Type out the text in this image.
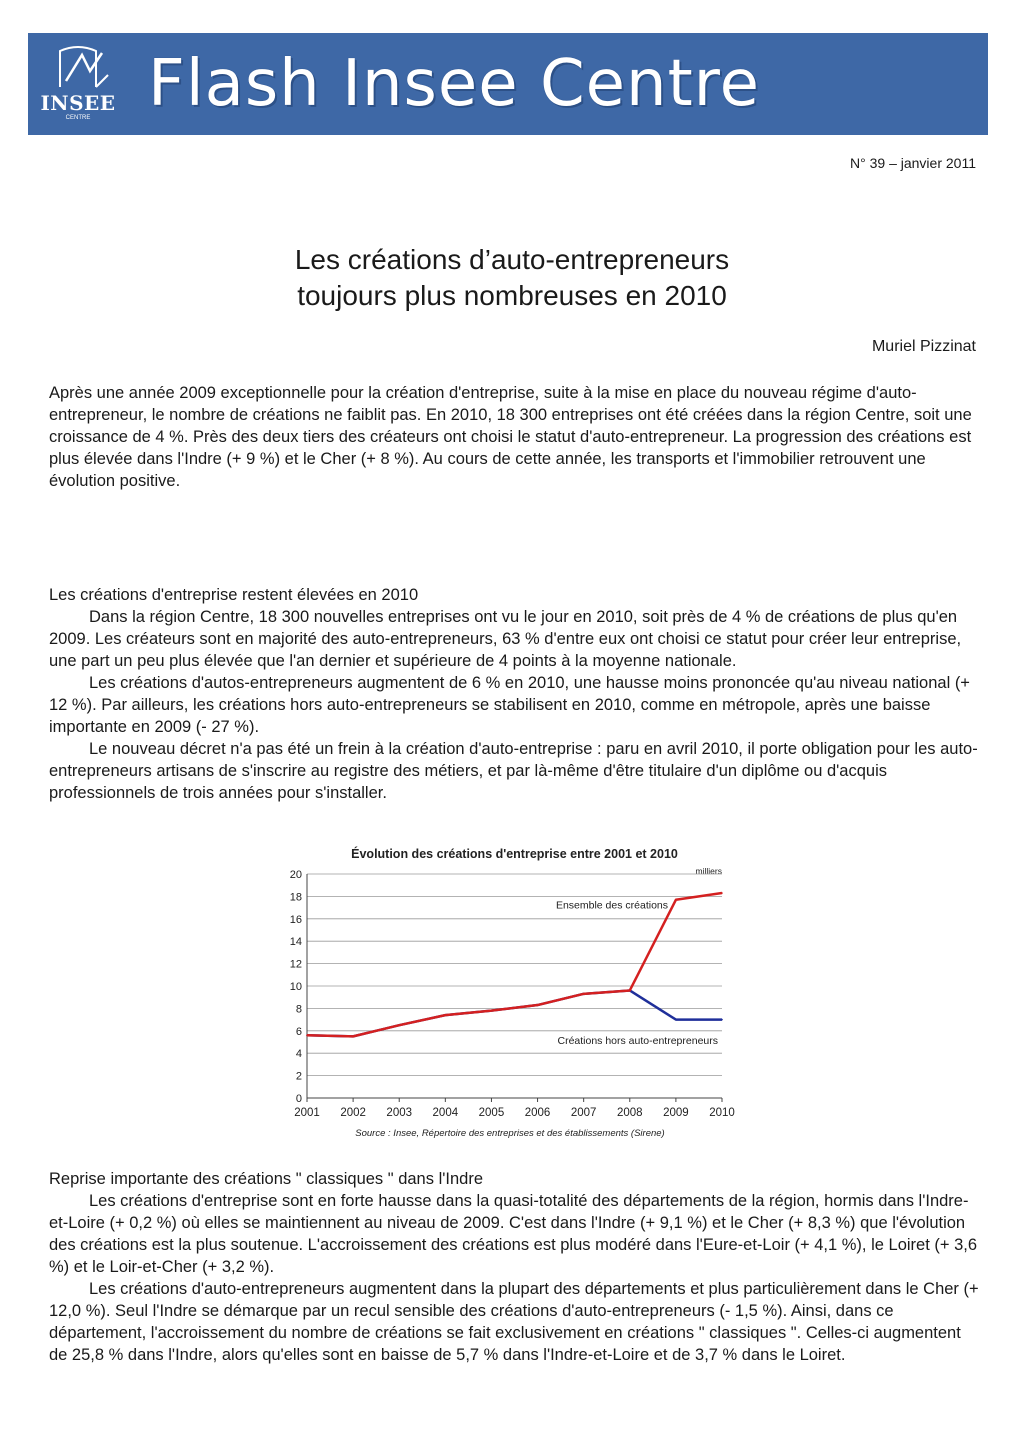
INSEE
CENTRE Flash Insee Centre
N° 39 – janvier 2011
Les créations d’auto-entrepreneurs
toujours plus nombreuses en 2010
Muriel Pizzinat
Après une année 2009 exceptionnelle pour la création d'entreprise, suite à la mise en place du nouveau régime d'auto-entrepreneur, le nombre de créations ne faiblit pas. En 2010, 18 300 entreprises ont été créées dans la région Centre, soit une croissance de 4 %. Près des deux tiers des créateurs ont choisi le statut d'auto-entrepreneur. La progression des créations est plus élevée dans l'Indre (+ 9 %) et le Cher (+ 8 %). Au cours de cette année, les transports et l'immobilier retrouvent une évolution positive.
Les créations d'entreprise restent élevées en 2010

Dans la région Centre, 18 300 nouvelles entreprises ont vu le jour en 2010, soit près de 4 % de créations de plus qu'en 2009. Les créateurs sont en majorité des auto-entrepreneurs, 63 % d'entre eux ont choisi ce statut pour créer leur entreprise, une part un peu plus élevée que l'an dernier et supérieure de 4 points à la moyenne nationale.

Les créations d'autos-entrepreneurs augmentent de 6 % en 2010, une hausse moins prononcée qu'au niveau national (+ 12 %). Par ailleurs, les créations hors auto-entrepreneurs se stabilisent en 2010, comme en métropole, après une baisse importante en 2009 (- 27 %).

Le nouveau décret n'a pas été un frein à la création d'auto-entreprise : paru en avril 2010, il porte obligation pour les auto-entrepreneurs artisans de s'inscrire au registre des métiers, et par là-même d'être titulaire d'un diplôme ou d'acquis professionnels de trois années pour s'installer.

Évolution des créations d'entreprise entre 2001 et 2010
milliers
0
2
4
6
8
10
12
14
16
18
20
2001 2002 2003 2004 2005 2006 2007 2008 2009 2010
Ensemble des créations
Créations hors auto-entrepreneurs
Source : Insee, Répertoire des entreprises et des établissements (Sirene)
Reprise importante des créations " classiques " dans l'Indre

Les créations d'entreprise sont en forte hausse dans la quasi-totalité des départements de la région, hormis dans l'Indre-et-Loire (+ 0,2 %) où elles se maintiennent au niveau de 2009. C'est dans l'Indre (+ 9,1 %) et le Cher (+ 8,3 %) que l'évolution des créations est la plus soutenue. L'accroissement des créations est plus modéré dans l'Eure-et-Loir (+ 4,1 %), le Loiret (+ 3,6 %) et le Loir-et-Cher (+ 3,2 %).

Les créations d'auto-entrepreneurs augmentent dans la plupart des départements et plus particulièrement dans le Cher (+ 12,0 %). Seul l'Indre se démarque par un recul sensible des créations d'auto-entrepreneurs (- 1,5 %). Ainsi, dans ce département, l'accroissement du nombre de créations se fait exclusivement en créations " classiques ". Celles-ci augmentent de 25,8 % dans l'Indre, alors qu'elles sont en baisse de 5,7 % dans l'Indre-et-Loire et de 3,7 % dans le Loiret.
